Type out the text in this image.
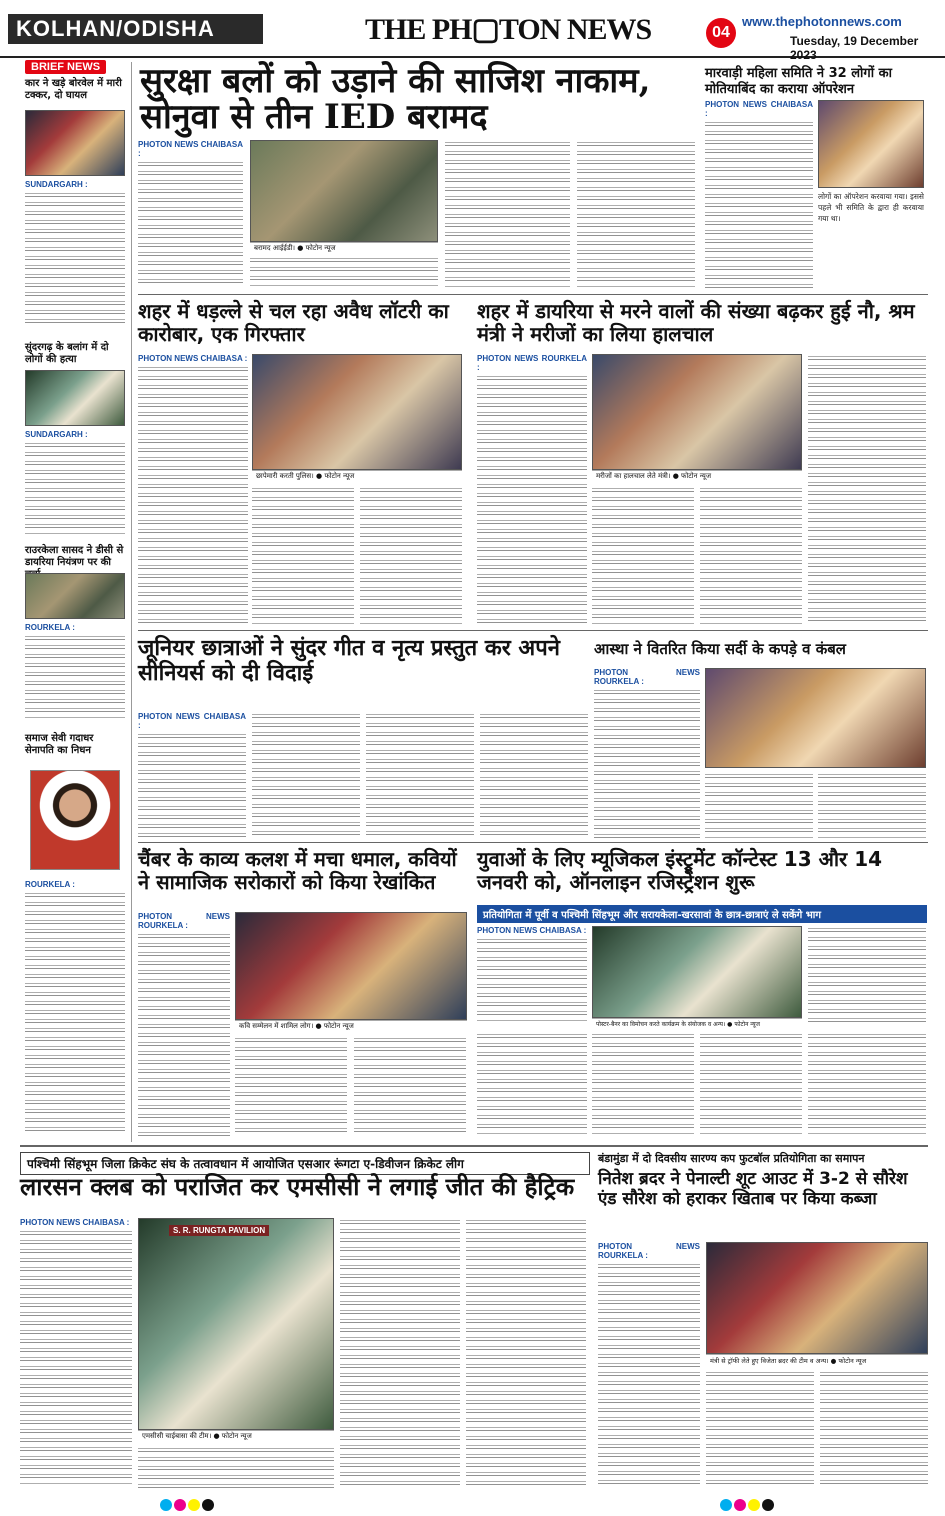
KOLHAN/ODISHA	THE PH▢TON NEWS	04
www.thephotonnews.com
Tuesday, 19 December 2023
BRIEF NEWS
कार ने खड़े बोरवेल में मारी टक्कर, दो घायल
SUNDARGARH :
सुंदरगढ़ के बलांग में दो लोगों की हत्या
SUNDARGARH :
राउरकेला सासद ने डीसी से डायरिया नियंत्रण पर की
ROURKELA :
समाज सेवी गदाधर सेनापति का निधन
ROURKELA :
सुरक्षा बलों को उड़ाने की साजिश नाकाम, सोनुवा से तीन IED बरामद
PHOTON NEWS CHAIBASA :
बरामद आईईडी। ● फोटोन न्यूज
मारवाड़ी महिला समिति ने 32 लोगों का मोतियाबिंद का कराया ऑपरेशन
PHOTON NEWS CHAIBASA :
लोगों का ऑपरेशन करवाया गया। इससे पहले भी समिति के द्वारा ही करवाया गया था।
शहर में धड़ल्ले से चल रहा अवैध लॉटरी का कारोबार, एक गिरफ्तार
PHOTON NEWS CHAIBASA :
छापेमारी करती पुलिस। ● फोटोन न्यूज
शहर में डायरिया से मरने वालों की संख्या बढ़कर हुई नौ, श्रम मंत्री ने मरीजों का लिया हालचाल
PHOTON NEWS ROURKELA :
मरीजों का हालचाल लेते मंत्री। ● फोटोन न्यूज
जूनियर छात्राओं ने सुंदर गीत व नृत्य प्रस्तुत कर अपने सीनियर्स को दी विदाई
PHOTON NEWS CHAIBASA :
आस्था ने वितरित किया सर्दी के कपड़े व कंबल
PHOTON NEWS ROURKELA :
चैंबर के काव्य कलश में मचा धमाल, कवियों ने सामाजिक सरोकारों को किया रेखांकित
PHOTON NEWS ROURKELA :
कवि सम्मेलन में शामिल लोग। ● फोटोन न्यूज
युवाओं के लिए म्यूजिकल इंस्ट्रूमेंट कॉन्टेस्ट 13 और 14 जनवरी को, ऑनलाइन रजिस्ट्रेशन शुरू
प्रतियोगिता में पूर्वी व पश्चिमी सिंहभूम और सरायकेला-खरसावां के छात्र-छात्राएं ले सकेंगे भाग
PHOTON NEWS CHAIBASA :
पोस्टर-बैनर का विमोचन करते कार्यक्रम के संयोजक व अन्य। ● फोटोन न्यूज
पश्चिमी सिंहभूम जिला क्रिकेट संघ के तत्वावधान में आयोजित एसआर रूंगटा ए-डिवीजन क्रिकेट लीग
लारसन क्लब को पराजित कर एमसीसी ने लगाई जीत की हैट्रिक
PHOTON NEWS CHAIBASA :
S. R. RUNGTA PAVILION
एमसीसी चाईबासा की टीम। ● फोटोन न्यूज
बंडामुंडा में दो दिवसीय सारण्य कप फुटबॉल प्रतियोगिता का समापन
नितेश ब्रदर ने पेनाल्टी शूट आउट में 3-2 से सौरेश एंड सौरेश को हराकर खिताब पर किया कब्जा
PHOTON NEWS ROURKELA :
मंत्री से ट्रॉफी लेते हुए विजेता ब्रदर की टीम व अन्य। ● फोटोन न्यूज
